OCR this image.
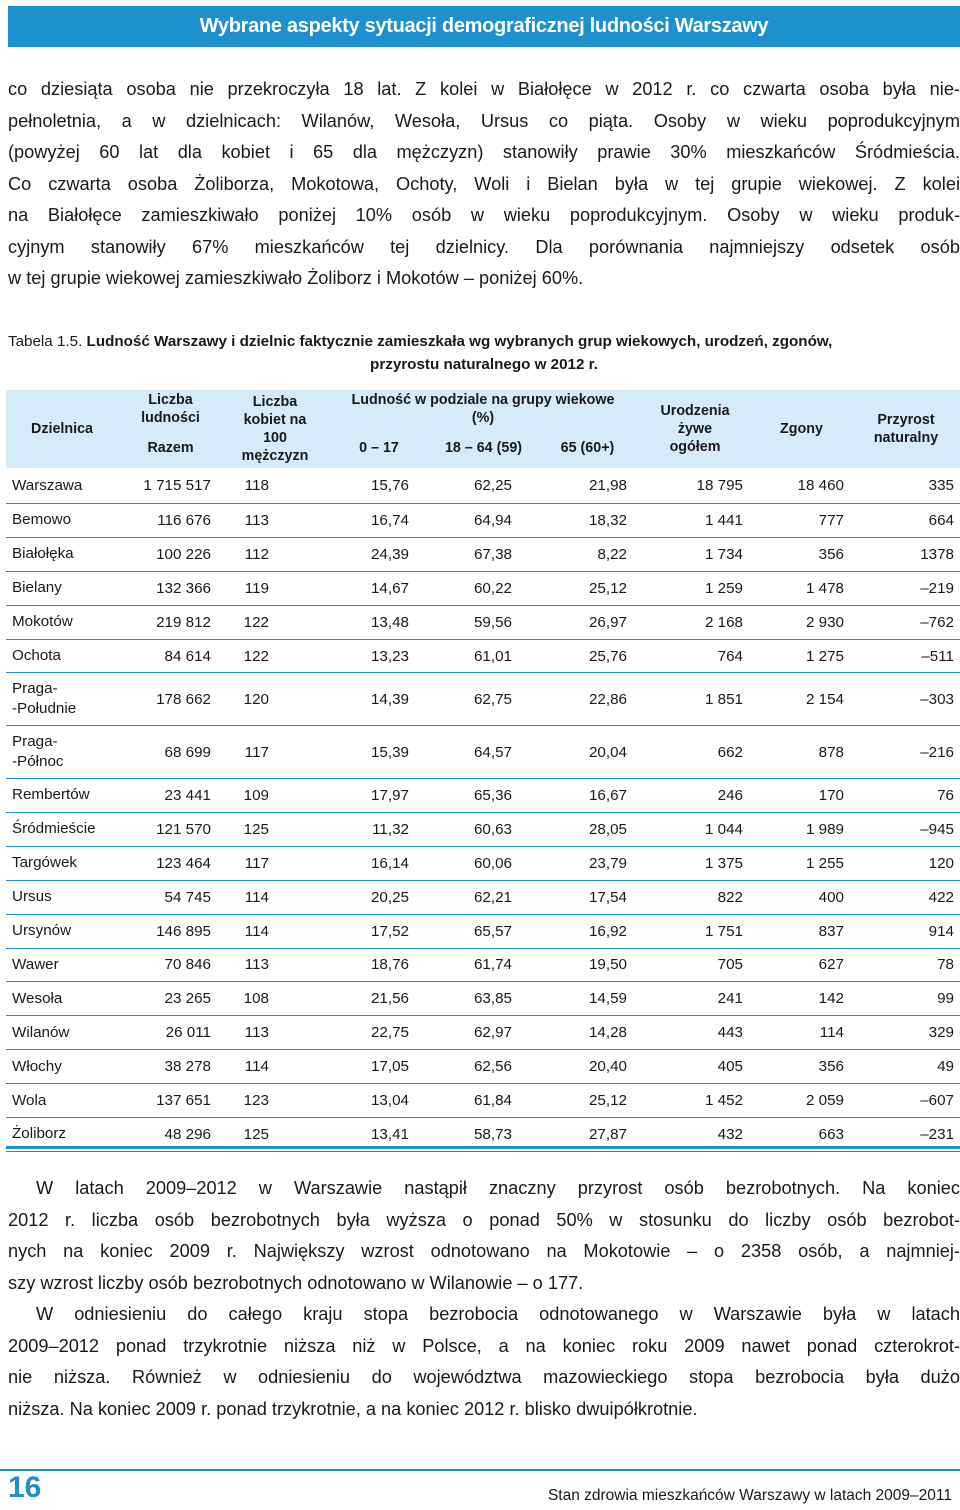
Wybrane aspekty sytuacji demograficznej ludności Warszawy
co dziesiąta osoba nie przekroczyła 18 lat. Z kolei w Białołęce w 2012 r. co czwarta osoba była nie-
pełnoletnia, a w dzielnicach: Wilanów, Wesoła, Ursus co piąta. Osoby w wieku poprodukcyjnym
(powyżej 60 lat dla kobiet i 65 dla mężczyzn) stanowiły prawie 30% mieszkańców Śródmieścia.
Co czwarta osoba Żoliborza, Mokotowa, Ochoty, Woli i Bielan była w tej grupie wiekowej. Z kolei
na Białołęce zamieszkiwało poniżej 10% osób w wieku poprodukcyjnym. Osoby w wieku produk-
cyjnym stanowiły 67% mieszkańców tej dzielnicy. Dla porównania najmniejszy odsetek osób
w tej grupie wiekowej zamieszkiwało Żoliborz i Mokotów – poniżej 60%.
Tabela 1.5. Ludność Warszawy i dzielnic faktycznie zamieszkała wg wybranych grup wiekowych, urodzeń, zgonów,
przyrostu naturalnego w 2012 r.
Dzielnica	Liczba ludności	Liczba kobiet na 100 mężczyzn	Ludność w podziale na grupy wiekowe (%)			Urodzenia żywe ogółem	Zgony	Przyrost naturalny
	Razem		0 – 17	18 – 64 (59)	65 (60+)			
Warszawa	1 715 517	118	15,76	62,25	21,98	18 795	18 460	335
Bemowo	116 676	113	16,74	64,94	18,32	1 441	777	664
Białołęka	100 226	112	24,39	67,38	8,22	1 734	356	1378
Bielany	132 366	119	14,67	60,22	25,12	1 259	1 478	–219
Mokotów	219 812	122	13,48	59,56	26,97	2 168	2 930	–762
Ochota	84 614	122	13,23	61,01	25,76	764	1 275	–511
Praga-
-Południe	178 662	120	14,39	62,75	22,86	1 851	2 154	–303
Praga-
-Północ	68 699	117	15,39	64,57	20,04	662	878	–216
Rembertów	23 441	109	17,97	65,36	16,67	246	170	76
Śródmieście	121 570	125	11,32	60,63	28,05	1 044	1 989	–945
Targówek	123 464	117	16,14	60,06	23,79	1 375	1 255	120
Ursus	54 745	114	20,25	62,21	17,54	822	400	422
Ursynów	146 895	114	17,52	65,57	16,92	1 751	837	914
Wawer	70 846	113	18,76	61,74	19,50	705	627	78
Wesoła	23 265	108	21,56	63,85	14,59	241	142	99
Wilanów	26 011	113	22,75	62,97	14,28	443	114	329
Włochy	38 278	114	17,05	62,56	20,40	405	356	49
Wola	137 651	123	13,04	61,84	25,12	1 452	2 059	–607
Żoliborz	48 296	125	13,41	58,73	27,87	432	663	–231
W latach 2009–2012 w Warszawie nastąpił znaczny przyrost osób bezrobotnych. Na koniec
2012 r. liczba osób bezrobotnych była wyższa o ponad 50% w stosunku do liczby osób bezrobot-
nych na koniec 2009 r. Największy wzrost odnotowano na Mokotowie – o 2358 osób, a najmniej-
szy wzrost liczby osób bezrobotnych odnotowano w Wilanowie – o 177.
W odniesieniu do całego kraju stopa bezrobocia odnotowanego w Warszawie była w latach
2009–2012 ponad trzykrotnie niższa niż w Polsce, a na koniec roku 2009 nawet ponad czterokrot-
nie niższa. Również w odniesieniu do województwa mazowieckiego stopa bezrobocia była dużo
niższa. Na koniec 2009 r. ponad trzykrotnie, a na koniec 2012 r. blisko dwuipółkrotnie.
16	Stan zdrowia mieszkańców Warszawy w latach 2009–2011
